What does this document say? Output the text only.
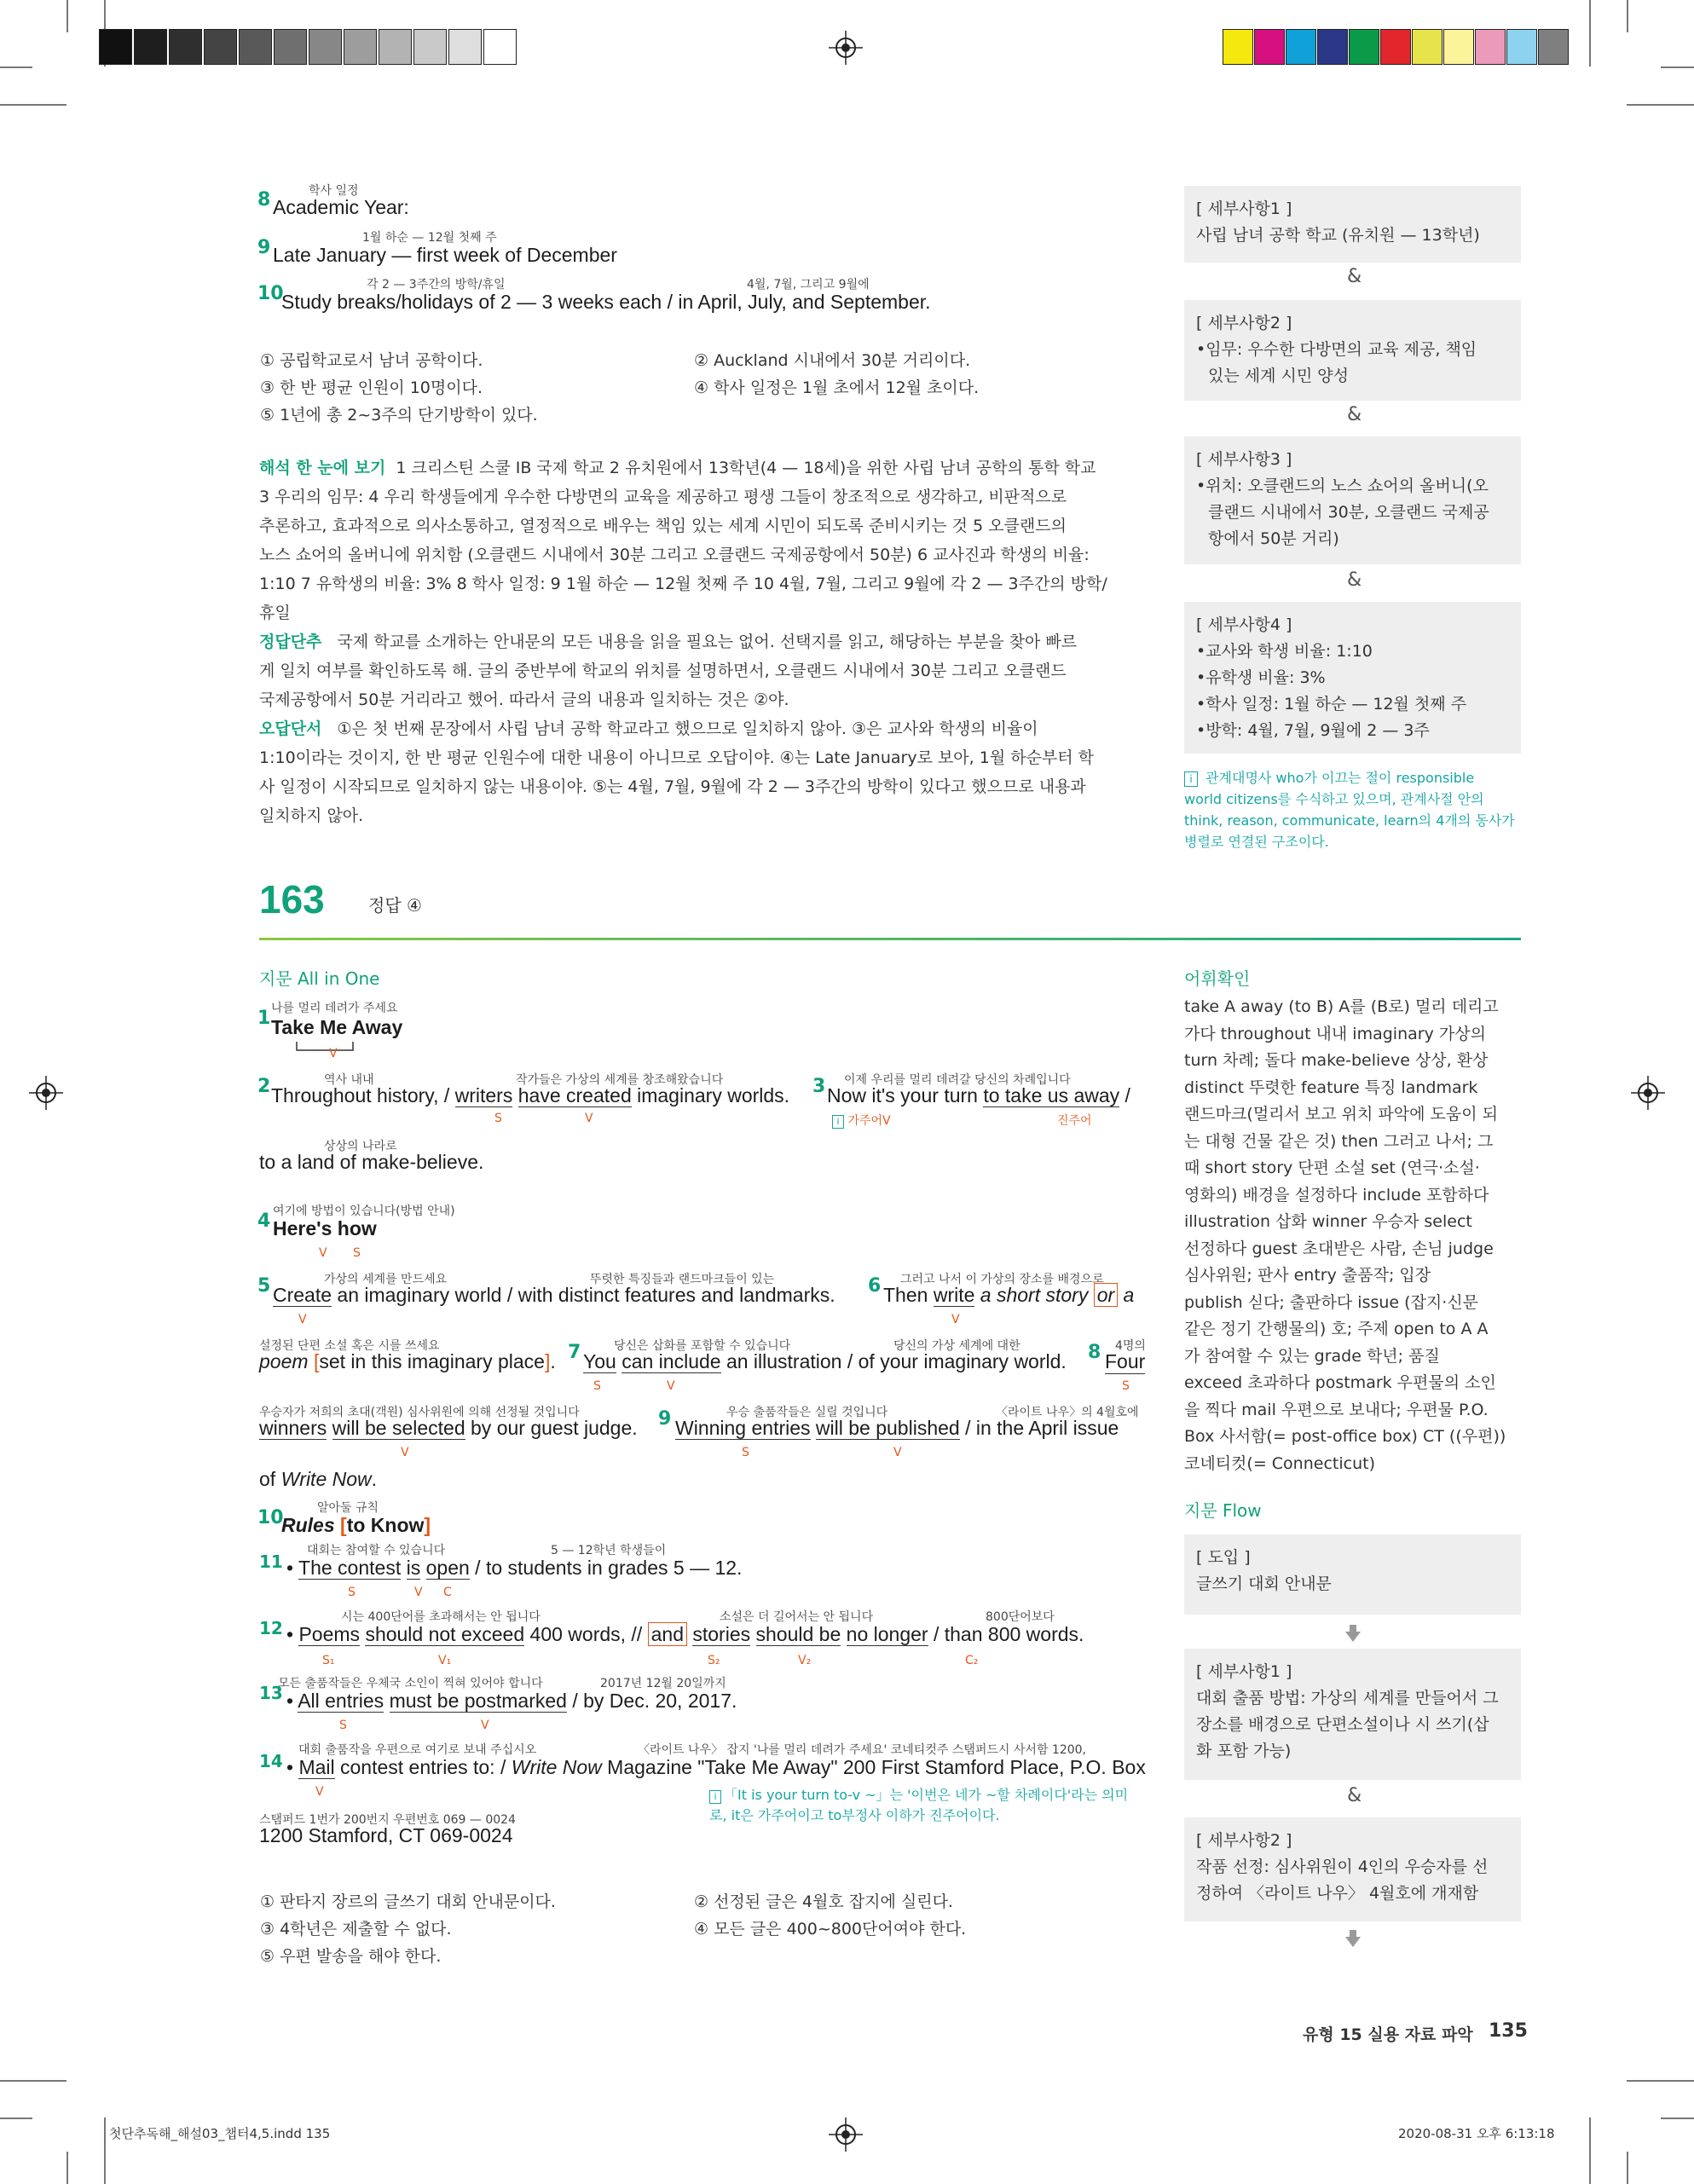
학사 일정
8 Academic Year:
1월 하순 — 12월 첫째 주
9 Late January — first week of December
각 2 — 3주간의 방학/휴일	4월, 7월, 그리고 9월에
10
Study breaks/holidays of 2 — 3 weeks each / in April, July, and September.
① 공립학교로서 남녀 공학이다.	② Auckland 시내에서 30분 거리이다.
③ 한 반 평균 인원이 10명이다.	④ 학사 일정은 1월 초에서 12월 초이다.
⑤ 1년에 총 2~3주의 단기방학이 있다.
해석 한 눈에 보기 1 크리스틴 스쿨 IB 국제 학교 2 유치원에서 13학년(4 — 18세)을 위한 사립 남녀 공학의 통학 학교
3 우리의 임무: 4 우리 학생들에게 우수한 다방면의 교육을 제공하고 평생 그들이 창조적으로 생각하고, 비판적으로
추론하고, 효과적으로 의사소통하고, 열정적으로 배우는 책임 있는 세계 시민이 되도록 준비시키는 것 5 오클랜드의
노스 쇼어의 올버니에 위치함 (오클랜드 시내에서 30분 그리고 오클랜드 국제공항에서 50분) 6 교사진과 학생의 비율:
1:10 7 유학생의 비율: 3% 8 학사 일정: 9 1월 하순 — 12월 첫째 주 10 4월, 7월, 그리고 9월에 각 2 — 3주간의 방학/
휴일
정답단추 국제 학교를 소개하는 안내문의 모든 내용을 읽을 필요는 없어. 선택지를 읽고, 해당하는 부분을 찾아 빠르
게 일치 여부를 확인하도록 해. 글의 중반부에 학교의 위치를 설명하면서, 오클랜드 시내에서 30분 그리고 오클랜드
국제공항에서 50분 거리라고 했어. 따라서 글의 내용과 일치하는 것은 ②야.
오답단서 ①은 첫 번째 문장에서 사립 남녀 공학 학교라고 했으므로 일치하지 않아. ③은 교사와 학생의 비율이
1:10이라는 것이지, 한 반 평균 인원수에 대한 내용이 아니므로 오답이야. ④는 Late January로 보아, 1월 하순부터 학
사 일정이 시작되므로 일치하지 않는 내용이야. ⑤는 4월, 7월, 9월에 각 2 — 3주간의 방학이 있다고 했으므로 내용과
일치하지 않아.
[ 세부사항1 ]
사립 남녀 공학 학교 (유치원 — 13학년)
&
[ 세부사항2 ]
•임무: 우수한 다방면의 교육 제공, 책임
있는 세계 시민 양성
&
[ 세부사항3 ]
•위치: 오클랜드의 노스 쇼어의 올버니(오
클랜드 시내에서 30분, 오클랜드 국제공
항에서 50분 거리)
&
[ 세부사항4 ]
•교사와 학생 비율: 1:10
•유학생 비율: 3%
•학사 일정: 1월 하순 — 12월 첫째 주
•방학: 4월, 7월, 9월에 2 — 3주
i 관계대명사 who가 이끄는 절이 responsible
world citizens를 수식하고 있으며, 관계사절 안의
think, reason, communicate, learn의 4개의 동사가
병렬로 연결된 구조이다.
163	정답 ④
지문 All in One
나를 멀리 데려가 주세요
1 Take Me Away
V
역사 내내	작가들은 가상의 세계를 창조해왔습니다	이제 우리를 멀리 데려갈 당신의 차례입니다
2 Throughout history, / writers have created imaginary worlds. 3 Now it's your turn to take us away /
S	V	i 가주어V	진주어
상상의 나라로
to a land of make-believe.
여기에 방법이 있습니다(방법 안내)
4 Here's how
V S
가상의 세계를 만드세요	뚜렷한 특징들과 랜드마크들이 있는	그러고 나서 이 가상의 장소를 배경으로
5 Create an imaginary world / with distinct features and landmarks. 6 Then write a short story or a
V	V
설정된 단편 소설 혹은 시를 쓰세요	당신은 삽화를 포함할 수 있습니다	당신의 가상 세계에 대한	4명의
poem [set in this imaginary place]. 7 You can include an illustration / of your imaginary world. 8 Four
S	V	S
우승자가 저희의 초대(객원) 심사위원에 의해 선정될 것입니다	우승 출품작들은 실릴 것입니다	〈라이트 나우〉의 4월호에
winners will be selected by our guest judge. 9 Winning entries will be published / in the April issue
V	S	V
of Write Now.
알아둘 규칙
10
Rules [to Know]
대회는 참여할 수 있습니다	5 — 12학년 학생들이
11 • The contest is open / to students in grades 5 — 12.
S	V C
시는 400단어를 초과해서는 안 됩니다	소설은 더 길어서는 안 됩니다	800단어보다
12 • Poems should not exceed 400 words, // and stories should be no longer / than 800 words.
S₁	V₁	S₂	V₂	C₂
모든 출품작들은 우체국 소인이 찍혀 있어야 합니다	2017년 12월 20일까지
13 • All entries must be postmarked / by Dec. 20, 2017.
S	V
대회 출품작을 우편으로 여기로 보내 주십시오	〈라이트 나우〉 잡지 '나를 멀리 데려가 주세요' 코네티컷주 스탬퍼드시 사서함 1200,
14 • Mail contest entries to: / Write Now Magazine "Take Me Away" 200 First Stamford Place, P.O. Box
V	i 「It is your turn to-v ~」는 '이번은 네가 ~할 차례이다'라는 의미
로, it은 가주어이고 to부정사 이하가 진주어이다.
스탬퍼드 1번가 200번지 우편번호 069 — 0024
1200 Stamford, CT 069-0024
① 판타지 장르의 글쓰기 대회 안내문이다.	② 선정된 글은 4월호 잡지에 실린다.
③ 4학년은 제출할 수 없다.	④ 모든 글은 400~800단어여야 한다.
⑤ 우편 발송을 해야 한다.
어휘확인
take A away (to B) A를 (B로) 멀리 데리고
가다 throughout 내내 imaginary 가상의
turn 차례; 돌다 make-believe 상상, 환상
distinct 뚜렷한 feature 특징 landmark
랜드마크(멀리서 보고 위치 파악에 도움이 되
는 대형 건물 같은 것) then 그러고 나서; 그
때 short story 단편 소설 set (연극·소설·
영화의) 배경을 설정하다 include 포함하다
illustration 삽화 winner 우승자 select
선정하다 guest 초대받은 사람, 손님 judge
심사위원; 판사 entry 출품작; 입장
publish 싣다; 출판하다 issue (잡지·신문
같은 정기 간행물의) 호; 주제 open to A A
가 참여할 수 있는 grade 학년; 품질
exceed 초과하다 postmark 우편물의 소인
을 찍다 mail 우편으로 보내다; 우편물 P.O.
Box 사서함(= post-office box) CT ((우편))
코네티컷(= Connecticut)
지문 Flow
[ 도입 ]
글쓰기 대회 안내문
[ 세부사항1 ]
대회 출품 방법: 가상의 세계를 만들어서 그
장소를 배경으로 단편소설이나 시 쓰기(삽
화 포함 가능)
&
[ 세부사항2 ]
작품 선정: 심사위원이 4인의 우승자를 선
정하여 〈라이트 나우〉 4월호에 개재함
유형 15 실용 자료 파악 135
첫단추독해_해설03_챕터4,5.indd 135	2020-08-31 오후 6:13:18
